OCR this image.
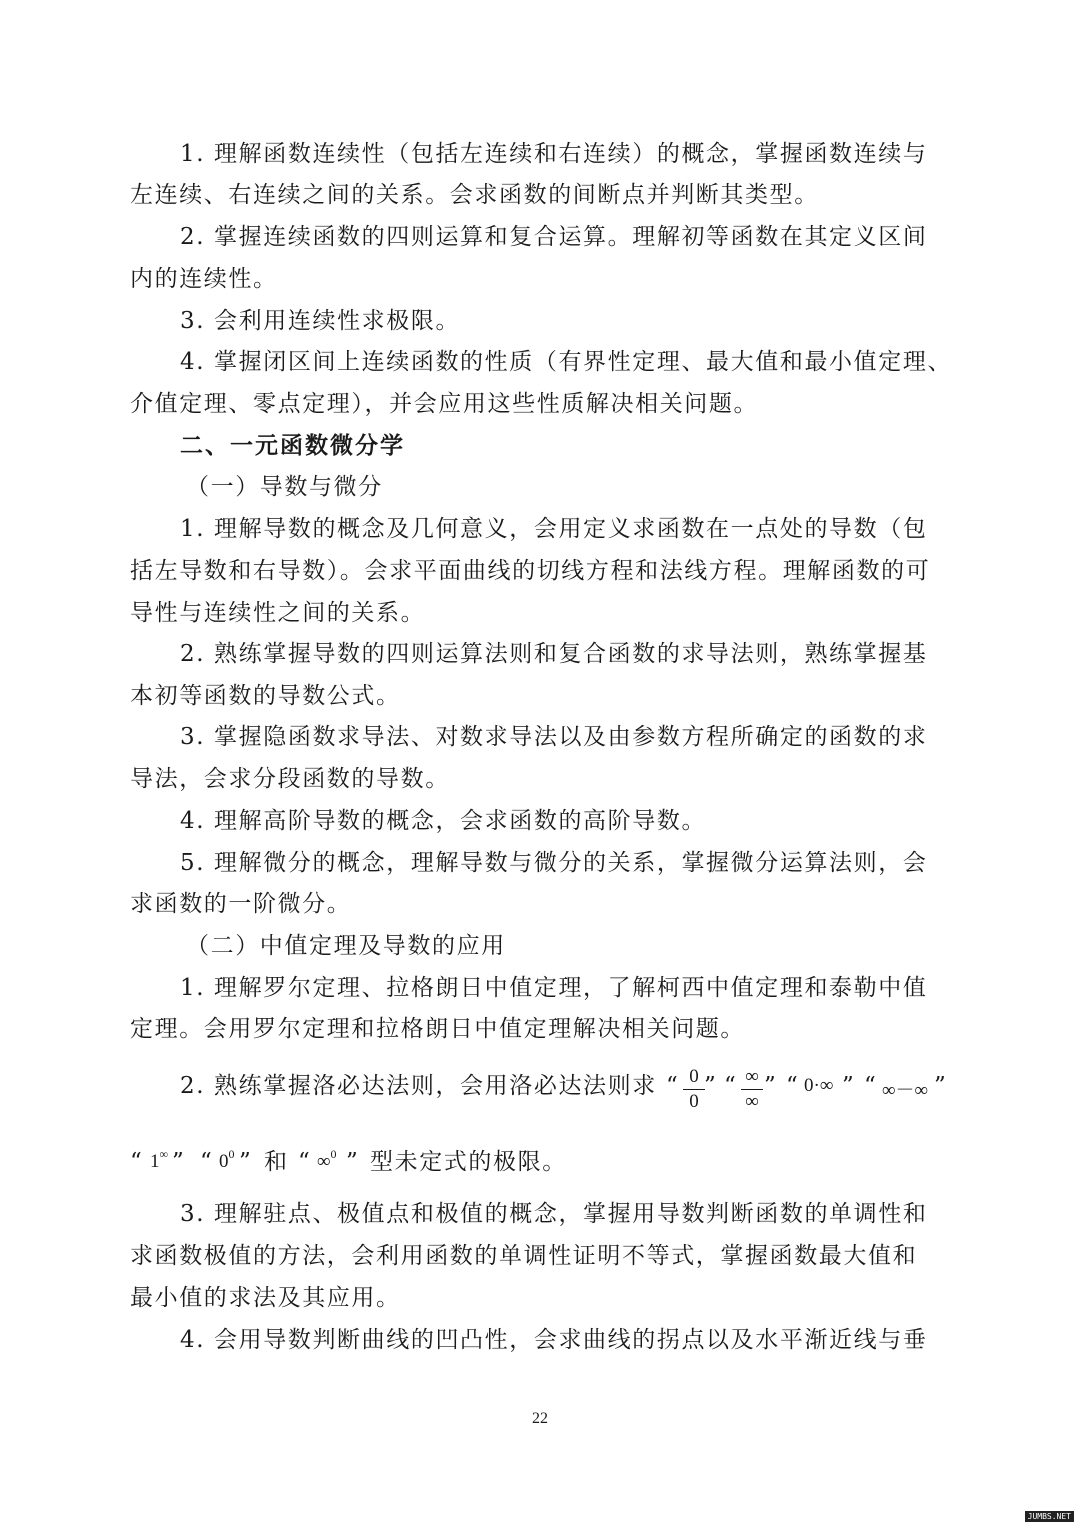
1. 理解函数连续性（包括左连续和右连续）的概念，掌握函数连续与
左连续、右连续之间的关系。会求函数的间断点并判断其类型。
2. 掌握连续函数的四则运算和复合运算。理解初等函数在其定义区间
内的连续性。
3. 会利用连续性求极限。
4. 掌握闭区间上连续函数的性质（有界性定理、最大值和最小值定理、
介值定理、零点定理），并会应用这些性质解决相关问题。
二、一元函数微分学
（一）导数与微分
1. 理解导数的概念及几何意义，会用定义求函数在一点处的导数（包
括左导数和右导数）。会求平面曲线的切线方程和法线方程。理解函数的可
导性与连续性之间的关系。
2. 熟练掌握导数的四则运算法则和复合函数的求导法则，熟练掌握基
本初等函数的导数公式。
3. 掌握隐函数求导法、对数求导法以及由参数方程所确定的函数的求
导法，会求分段函数的导数。
4. 理解高阶导数的概念，会求函数的高阶导数。
5. 理解微分的概念，理解导数与微分的关系，掌握微分运算法则，会
求函数的一阶微分。
（二）中值定理及导数的应用
1. 理解罗尔定理、拉格朗日中值定理，了解柯西中值定理和泰勒中值
定理。会用罗尔定理和拉格朗日中值定理解决相关问题。
2. 熟练掌握洛必达法则，会用洛必达法则求 “ 0
0
” “ ∞
∞
” “ 0·∞ ” “ ∞－∞ ”
“ 1∞ ” “ $0^0$ ” 和 “ ∞$^0$ ” 型未定式的极限。
3. 理解驻点、极值点和极值的概念，掌握用导数判断函数的单调性和
求函数极值的方法，会利用函数的单调性证明不等式，掌握函数最大值和
最小值的求法及其应用。
4. 会用导数判断曲线的凹凸性，会求曲线的拐点以及水平渐近线与垂
22
JUMBS.NET
